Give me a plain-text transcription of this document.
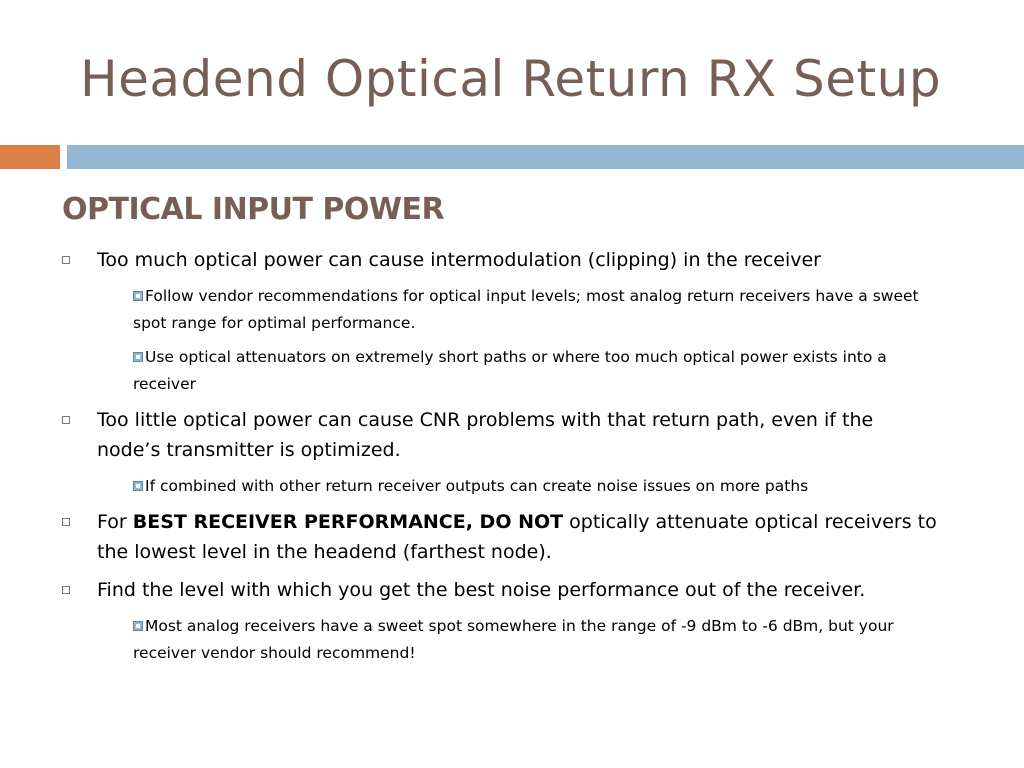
Headend Optical Return RX Setup
OPTICAL INPUT POWER
Too much optical power can cause intermodulation (clipping) in the receiver
Follow vendor recommendations for optical input levels; most analog return receivers have a sweet spot range for optimal performance.
Use optical attenuators on extremely short paths or where too much optical power exists into a receiver
Too little optical power can cause CNR problems with that return path, even if the node’s transmitter is optimized.
If combined with other return receiver outputs can create noise issues on more paths
For BEST RECEIVER PERFORMANCE, DO NOT optically attenuate optical receivers to the lowest level in the headend (farthest node).
Find the level with which you get the best noise performance out of the receiver.
Most analog receivers have a sweet spot somewhere in the range of -9 dBm to -6 dBm, but your receiver vendor should recommend!
